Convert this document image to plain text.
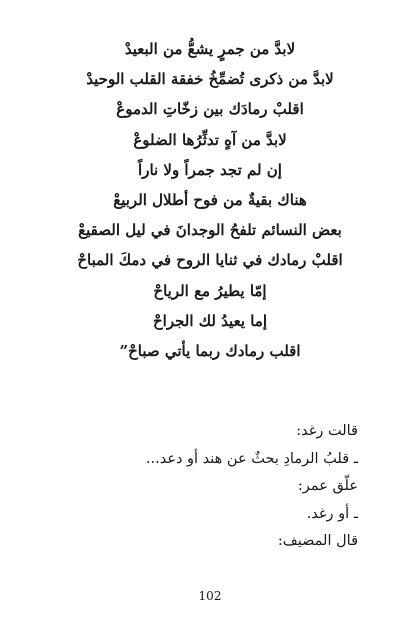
لابدَّ من جمرٍ يشعُّ من البعيدْ
لابدَّ من ذكرى تُضمِّخُ خفقة القلب الوحيدْ
اقلبْ رمادَك بين زخّاتِ الدموعْ
لابدَّ من آهٍ تدثِّرُها الضلوعْ
إن لم تجد جمراً ولا ناراً
هناك بقيةٌ من فوح أطلال الربيعْ
بعض النسائم تلفحُ الوجدانَ في ليل الصقيعْ
اقلبْ رمادك في ثنايا الروح في دمكَ المباحْ
إمّا يطيرُ مع الرياحْ
إما يعيدُ لك الجراحْ
اقلب رمادك ربما يأتي صباحْ”
قالت رغد:
ـ قلبُ الرمادِ بحثٌ عن هند أو دعد...
علّق عمر:
ـ أو رغد.
قال المضيف:
102
